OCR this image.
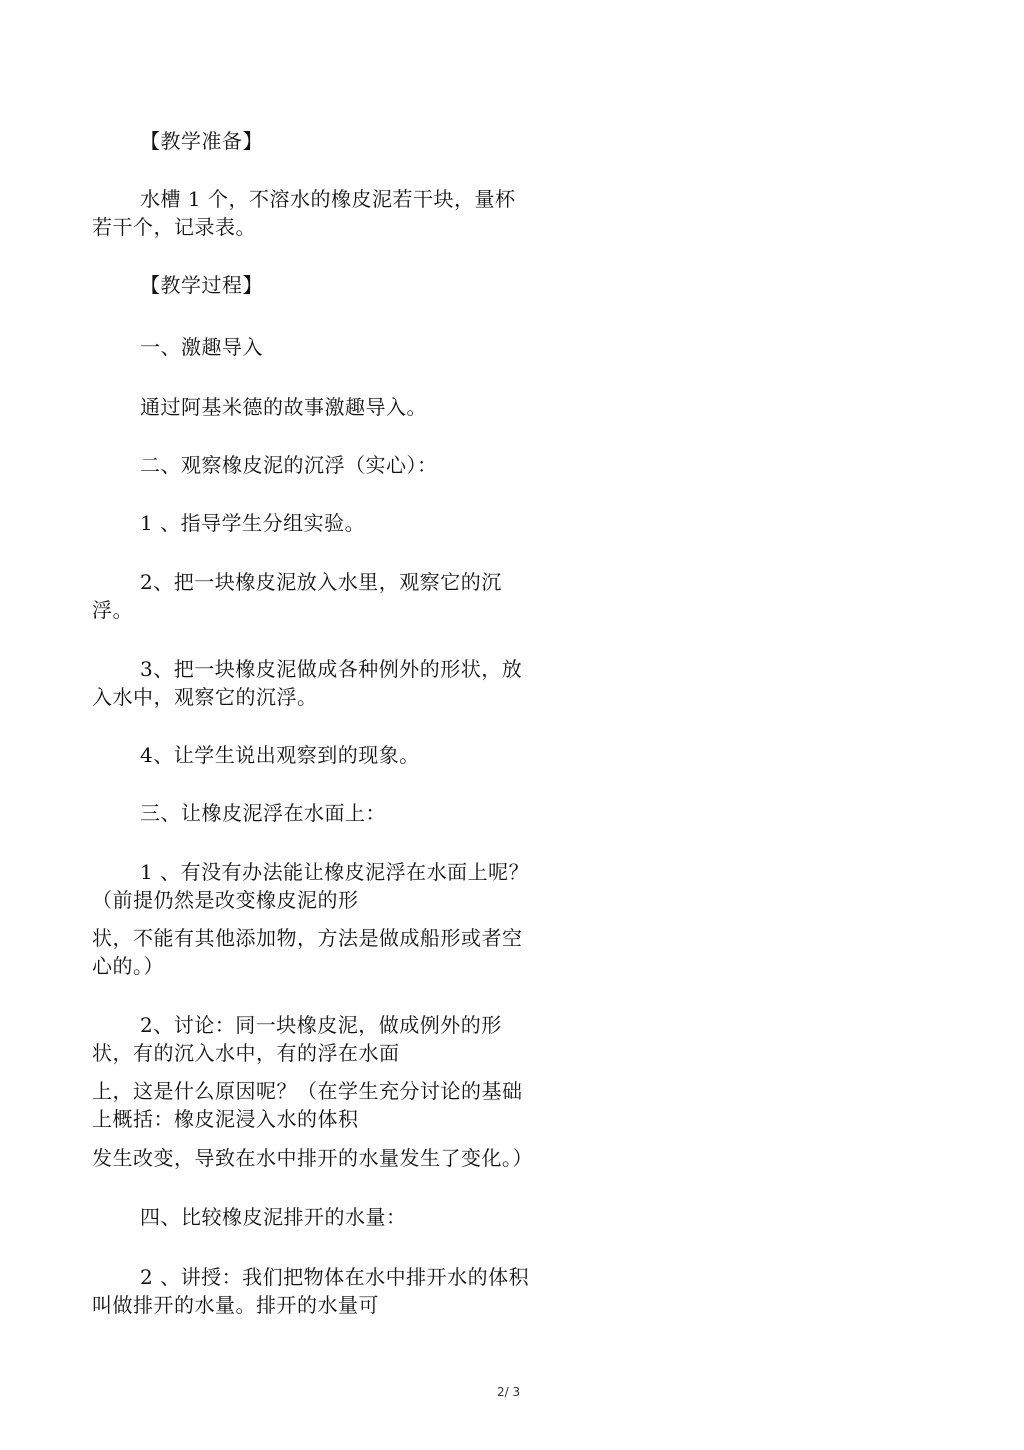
【教学准备】
水槽 1 个，不溶水的橡皮泥若干块，量杯
若干个，记录表。
【教学过程】
一、激趣导入
通过阿基米德的故事激趣导入。
二、观察橡皮泥的沉浮（实心）：
1 、指导学生分组实验。
2、把一块橡皮泥放入水里，观察它的沉
浮。
3、把一块橡皮泥做成各种例外的形状，放
入水中，观察它的沉浮。
4、让学生说出观察到的现象。
三、让橡皮泥浮在水面上：
1 、有没有办法能让橡皮泥浮在水面上呢？
（前提仍然是改变橡皮泥的形
状，不能有其他添加物，方法是做成船形或者空
心的。）
2、讨论：同一块橡皮泥，做成例外的形
状，有的沉入水中，有的浮在水面
上，这是什么原因呢？（在学生充分讨论的基础
上概括：橡皮泥浸入水的体积
发生改变，导致在水中排开的水量发生了变化。）
四、比较橡皮泥排开的水量：
2 、讲授：我们把物体在水中排开水的体积
叫做排开的水量。排开的水量可
2/ 3
